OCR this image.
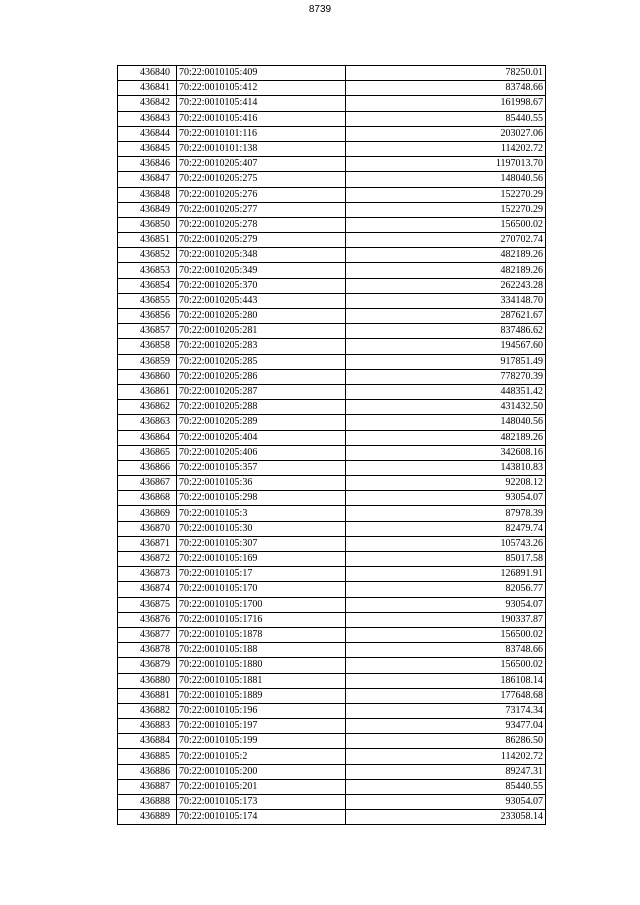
8739
436840	70:22:0010105:409	78250.01
436841	70:22:0010105:412	83748.66
436842	70:22:0010105:414	161998.67
436843	70:22:0010105:416	85440.55
436844	70:22:0010101:116	203027.06
436845	70:22:0010101:138	114202.72
436846	70:22:0010205:407	1197013.70
436847	70:22:0010205:275	148040.56
436848	70:22:0010205:276	152270.29
436849	70:22:0010205:277	152270.29
436850	70:22:0010205:278	156500.02
436851	70:22:0010205:279	270702.74
436852	70:22:0010205:348	482189.26
436853	70:22:0010205:349	482189.26
436854	70:22:0010205:370	262243.28
436855	70:22:0010205:443	334148.70
436856	70:22:0010205:280	287621.67
436857	70:22:0010205:281	837486.62
436858	70:22:0010205:283	194567.60
436859	70:22:0010205:285	917851.49
436860	70:22:0010205:286	778270.39
436861	70:22:0010205:287	448351.42
436862	70:22:0010205:288	431432.50
436863	70:22:0010205:289	148040.56
436864	70:22:0010205:404	482189.26
436865	70:22:0010205:406	342608.16
436866	70:22:0010105:357	143810.83
436867	70:22:0010105:36	92208.12
436868	70:22:0010105:298	93054.07
436869	70:22:0010105:3	87978.39
436870	70:22:0010105:30	82479.74
436871	70:22:0010105:307	105743.26
436872	70:22:0010105:169	85017.58
436873	70:22:0010105:17	126891.91
436874	70:22:0010105:170	82056.77
436875	70:22:0010105:1700	93054.07
436876	70:22:0010105:1716	190337.87
436877	70:22:0010105:1878	156500.02
436878	70:22:0010105:188	83748.66
436879	70:22:0010105:1880	156500.02
436880	70:22:0010105:1881	186108.14
436881	70:22:0010105:1889	177648.68
436882	70:22:0010105:196	73174.34
436883	70:22:0010105:197	93477.04
436884	70:22:0010105:199	86286.50
436885	70:22:0010105:2	114202.72
436886	70:22:0010105:200	89247.31
436887	70:22:0010105:201	85440.55
436888	70:22:0010105:173	93054.07
436889	70:22:0010105:174	233058.14
